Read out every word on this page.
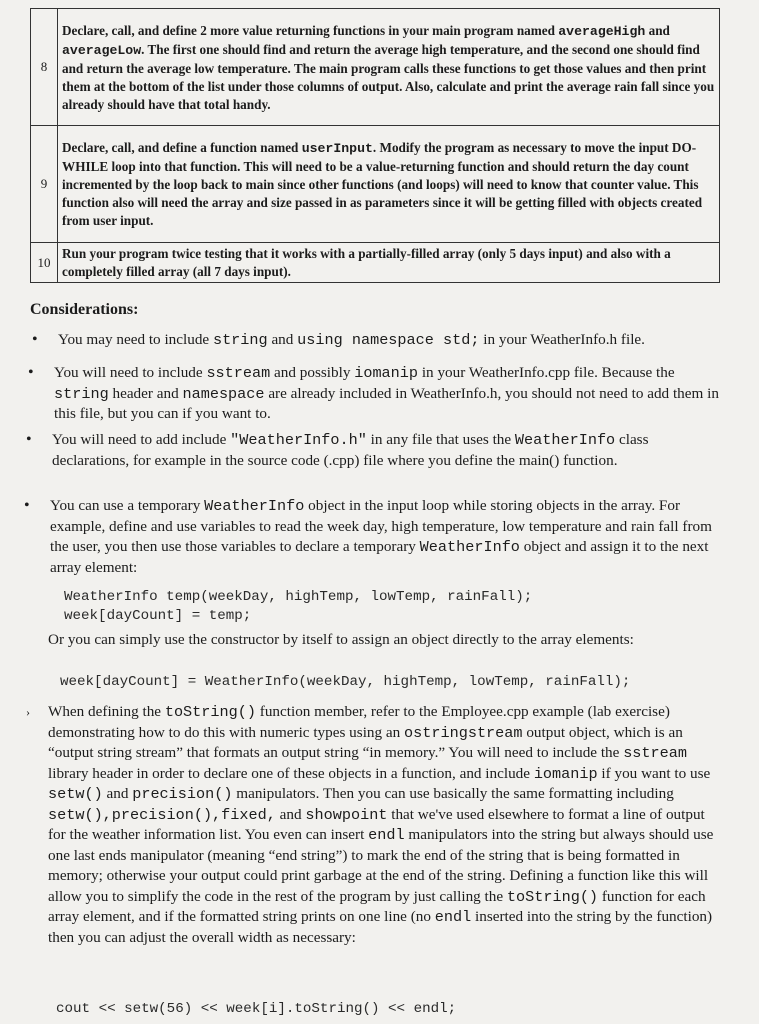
8	Declare, call, and define 2 more value returning functions in your main program named averageHigh and averageLow. The first one should find and return the average high temperature, and the second one should find and return the average low temperature. The main program calls these functions to get those values and then print them at the bottom of the list under those columns of output. Also, calculate and print the average rain fall since you already should have that total handy.
9	Declare, call, and define a function named userInput. Modify the program as necessary to move the input DO-WHILE loop into that function. This will need to be a value-returning function and should return the day count incremented by the loop back to main since other functions (and loops) will need to know that counter value. This function also will need the array and size passed in as parameters since it will be getting filled with objects created from user input.
10	Run your program twice testing that it works with a partially-filled array (only 5 days input) and also with a completely filled array (all 7 days input).
Considerations:
• You may need to include string and using namespace std; in your WeatherInfo.h file.
• You will need to include sstream and possibly iomanip in your WeatherInfo.cpp file. Because the string header and namespace are already included in WeatherInfo.h, you should not need to add them in this file, but you can if you want to.
• You will need to add include "WeatherInfo.h" in any file that uses the WeatherInfo class declarations, for example in the source code (.cpp) file where you define the main() function.
• You can use a temporary WeatherInfo object in the input loop while storing objects in the array. For example, define and use variables to read the week day, high temperature, low temperature and rain fall from the user, you then use those variables to declare a temporary WeatherInfo object and assign it to the next array element:
WeatherInfo temp(weekDay, highTemp, lowTemp, rainFall);
week[dayCount] = temp;
Or you can simply use the constructor by itself to assign an object directly to the array elements:
week[dayCount] = WeatherInfo(weekDay, highTemp, lowTemp, rainFall);
› When defining the toString() function member, refer to the Employee.cpp example (lab exercise) demonstrating how to do this with numeric types using an ostringstream output object, which is an “output string stream” that formats an output string “in memory.” You will need to include the sstream library header in order to declare one of these objects in a function, and include iomanip if you want to use setw() and precision() manipulators. Then you can use basically the same formatting including setw(),precision(),fixed, and showpoint that we've used elsewhere to format a line of output for the weather information list. You even can insert endl manipulators into the string but always should use one last ends manipulator (meaning “end string”) to mark the end of the string that is being formatted in memory; otherwise your output could print garbage at the end of the string. Defining a function like this will allow you to simplify the code in the rest of the program by just calling the toString() function for each array element, and if the formatted string prints on one line (no endl inserted into the string by the function) then you can adjust the overall width as necessary:
cout << setw(56) << week[i].toString() << endl;
